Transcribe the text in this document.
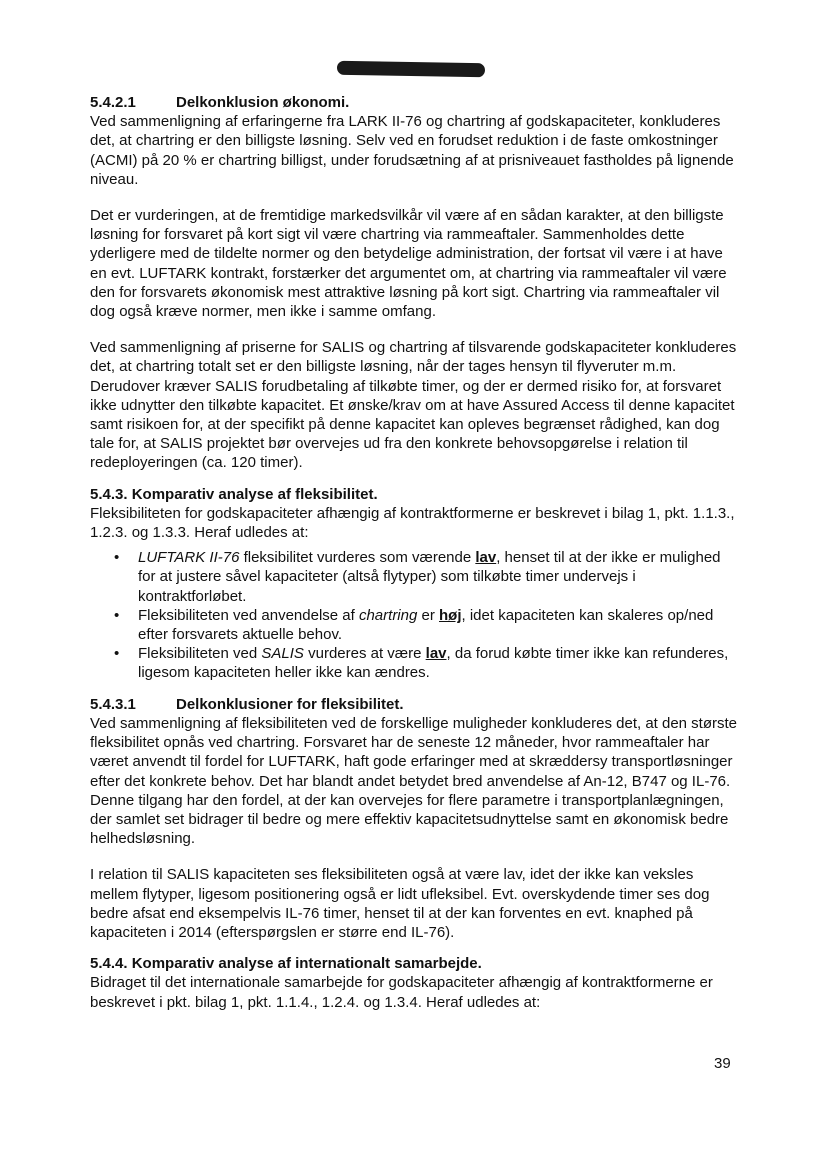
5.4.2.1	Delkonklusion økonomi.

Ved sammenligning af erfaringerne fra LARK II-76 og chartring af godskapaciteter, konkluderes det, at chartring er den billigste løsning. Selv ved en forudset reduktion i de faste omkostninger (ACMI) på 20 % er chartring billigst, under forudsætning af at prisniveauet fastholdes på lignende niveau.

Det er vurderingen, at de fremtidige markedsvilkår vil være af en sådan karakter, at den billigste løsning for forsvaret på kort sigt vil være chartring via rammeaftaler. Sammenholdes dette yderligere med de tildelte normer og den betydelige administration, der fortsat vil være i at have en evt. LUFTARK kontrakt, forstærker det argumentet om, at chartring via rammeaftaler vil være den for forsvarets økonomisk mest attraktive løsning på kort sigt. Chartring via rammeaftaler vil dog også kræve normer, men ikke i samme omfang.

Ved sammenligning af priserne for SALIS og chartring af tilsvarende godskapaciteter konkluderes det, at chartring totalt set er den billigste løsning, når der tages hensyn til flyveruter m.m. Derudover kræver SALIS forudbetaling af tilkøbte timer, og der er dermed risiko for, at forsvaret ikke udnytter den tilkøbte kapacitet. Et ønske/krav om at have Assured Access til denne kapacitet samt risikoen for, at der specifikt på denne kapacitet kan opleves begrænset rådighed, kan dog tale for, at SALIS projektet bør overvejes ud fra den konkrete behovsopgørelse i relation til redeployeringen (ca. 120 timer).

5.4.3. Komparativ analyse af fleksibilitet.

Fleksibiliteten for godskapaciteter afhængig af kontraktformerne er beskrevet i bilag 1, pkt. 1.1.3., 1.2.3. og 1.3.3. Heraf udledes at:

• LUFTARK II-76 fleksibilitet vurderes som værende lav, henset til at der ikke er mulighed for at justere såvel kapaciteter (altså flytyper) som tilkøbte timer undervejs i kontraktforløbet.
• Fleksibiliteten ved anvendelse af chartring er høj, idet kapaciteten kan skaleres op/ned efter forsvarets aktuelle behov.
• Fleksibiliteten ved SALIS vurderes at være lav, da forud købte timer ikke kan refunderes, ligesom kapaciteten heller ikke kan ændres.

5.4.3.1	Delkonklusioner for fleksibilitet.

Ved sammenligning af fleksibiliteten ved de forskellige muligheder konkluderes det, at den største fleksibilitet opnås ved chartring. Forsvaret har de seneste 12 måneder, hvor rammeaftaler har været anvendt til fordel for LUFTARK, haft gode erfaringer med at skræddersy transportløsninger efter det konkrete behov. Det har blandt andet betydet bred anvendelse af An-12, B747 og IL-76. Denne tilgang har den fordel, at der kan overvejes for flere parametre i transportplanlægningen, der samlet set bidrager til bedre og mere effektiv kapacitetsudnyttelse samt en økonomisk bedre helhedsløsning.

I relation til SALIS kapaciteten ses fleksibiliteten også at være lav, idet der ikke kan veksles mellem flytyper, ligesom positionering også er lidt ufleksibel. Evt. overskydende timer ses dog bedre afsat end eksempelvis IL-76 timer, henset til at der kan forventes en evt. knaphed på kapaciteten i 2014 (efterspørgslen er større end IL-76).

5.4.4. Komparativ analyse af internationalt samarbejde.

Bidraget til det internationale samarbejde for godskapaciteter afhængig af kontraktformerne er beskrevet i pkt. bilag 1, pkt. 1.1.4., 1.2.4. og 1.3.4. Heraf udledes at:

39
